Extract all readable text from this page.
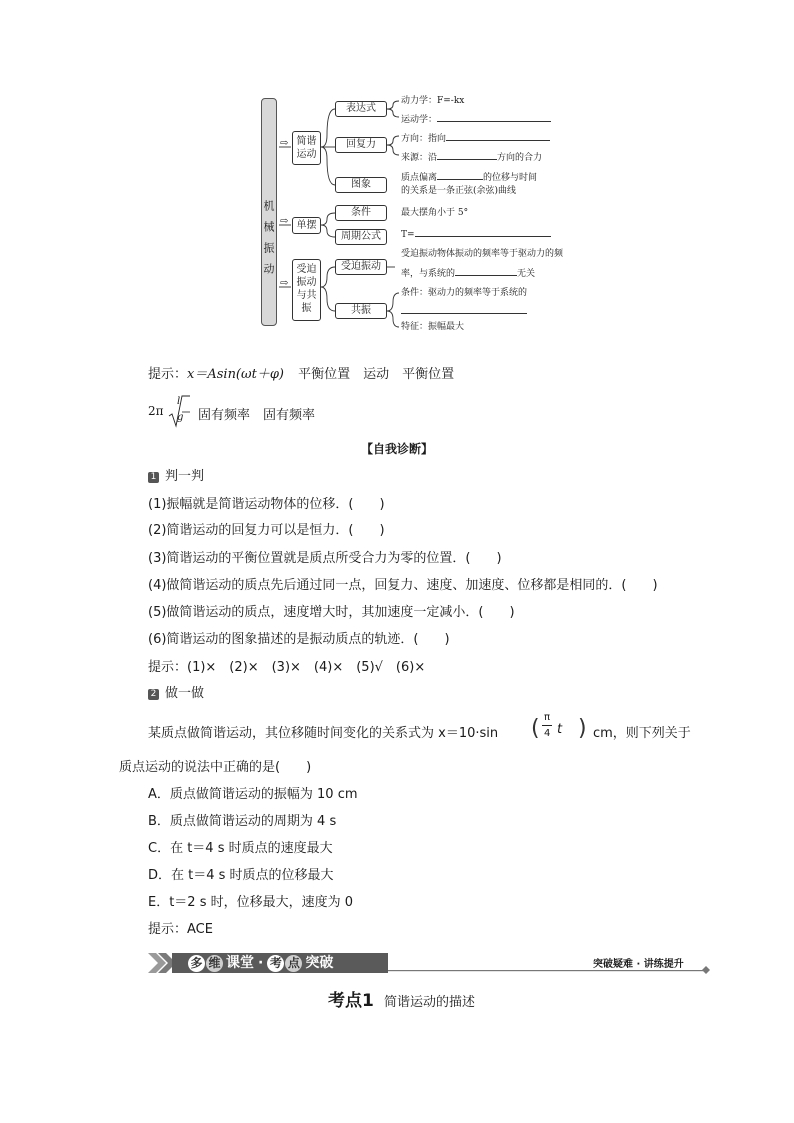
机械振动
⇨
⇨
⇨
简谐运动
单摆
受迫振动与共振
表达式
回复力
图象
条件
周期公式
受迫振动
共振
动力学：F=-kx
运动学：
方向：指向
来源：沿	方向的合力
质点偏离	的位移与时间
的关系是一条正弦(余弦)曲线
最大摆角小于 5°
T=
受迫振动物体振动的频率等于驱动力的频
率，与系统的	无关
条件：驱动力的频率等于系统的
特征：振幅最大
提示：x＝Asin(ωt＋φ) 平衡位置　运动　平衡位置
2π
l
g 固有频率　固有频率
【自我诊断】
1 判一判
(1)振幅就是简谐运动物体的位移．(　　)
(2)简谐运动的回复力可以是恒力．(　　)
(3)简谐运动的平衡位置就是质点所受合力为零的位置．(　　)
(4)做简谐运动的质点先后通过同一点，回复力、速度、加速度、位移都是相同的．(　　)
(5)做简谐运动的质点，速度增大时，其加速度一定减小．(　　)
(6)简谐运动的图象描述的是振动质点的轨迹．(　　)
提示：(1)×　(2)×　(3)×　(4)×　(5)√　(6)×
2 做一做
某质点做简谐运动，其位移随时间变化的关系式为 x＝10·sin ( π
4 t ) cm，则下列关于
质点运动的说法中正确的是(　　)
A．质点做简谐运动的振幅为 10 cm
B．质点做简谐运动的周期为 4 s
C．在 t＝4 s 时质点的速度最大
D．在 t＝4 s 时质点的位移最大
E．t＝2 s 时，位移最大，速度为 0
提示：ACE
多 维 课堂 · 考 点 突破	突破疑难 · 讲练提升
考点1 简谐运动的描述
